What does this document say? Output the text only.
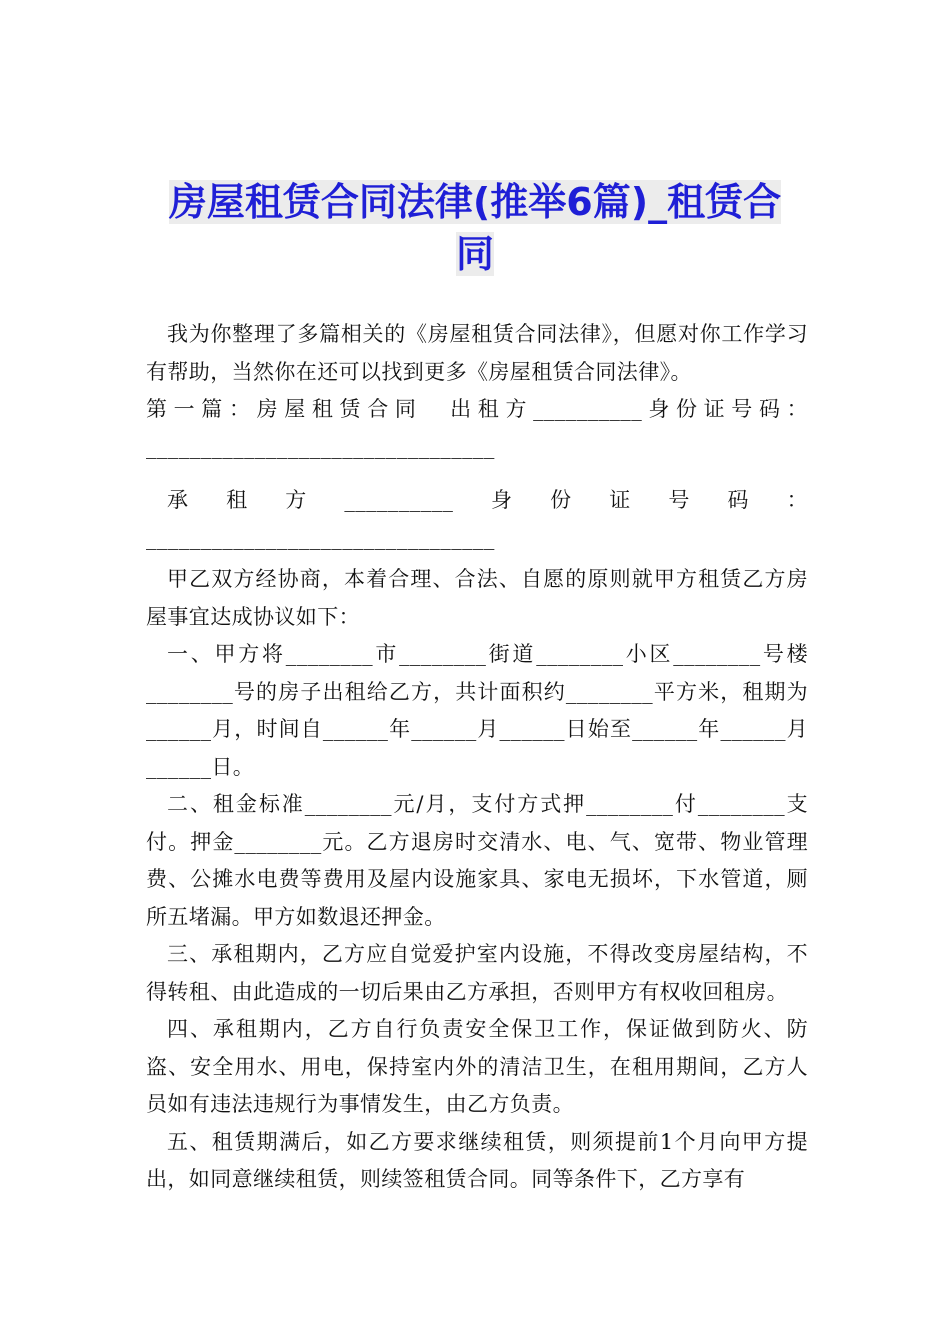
房屋租赁合同法律(推举6篇)_租赁合同

我为你整理了多篇相关的《房屋租赁合同法律》，但愿对你工作学习有帮助，当然你在还可以找到更多《房屋租赁合同法律》。

第一篇：房屋租赁合同　出租方__________身份证号码：________________________________

承租方__________身份证号码：________________________________

甲乙双方经协商，本着合理、合法、自愿的原则就甲方租赁乙方房屋事宜达成协议如下：

一、甲方将________市________街道________小区________号楼________号的房子出租给乙方，共计面积约________平方米，租期为______月，时间自______年______月______日始至______年______月______日。

二、租金标准________元/月，支付方式押________付________支付。押金________元。乙方退房时交清水、电、气、宽带、物业管理费、公摊水电费等费用及屋内设施家具、家电无损坏，下水管道，厕所五堵漏。甲方如数退还押金。

三、承租期内，乙方应自觉爱护室内设施，不得改变房屋结构，不得转租、由此造成的一切后果由乙方承担，否则甲方有权收回租房。

四、承租期内，乙方自行负责安全保卫工作，保证做到防火、防盗、安全用水、用电，保持室内外的清洁卫生，在租用期间，乙方人员如有违法违规行为事情发生，由乙方负责。

五、租赁期满后，如乙方要求继续租赁，则须提前1个月向甲方提出，如同意继续租赁，则续签租赁合同。同等条件下，乙方享有
